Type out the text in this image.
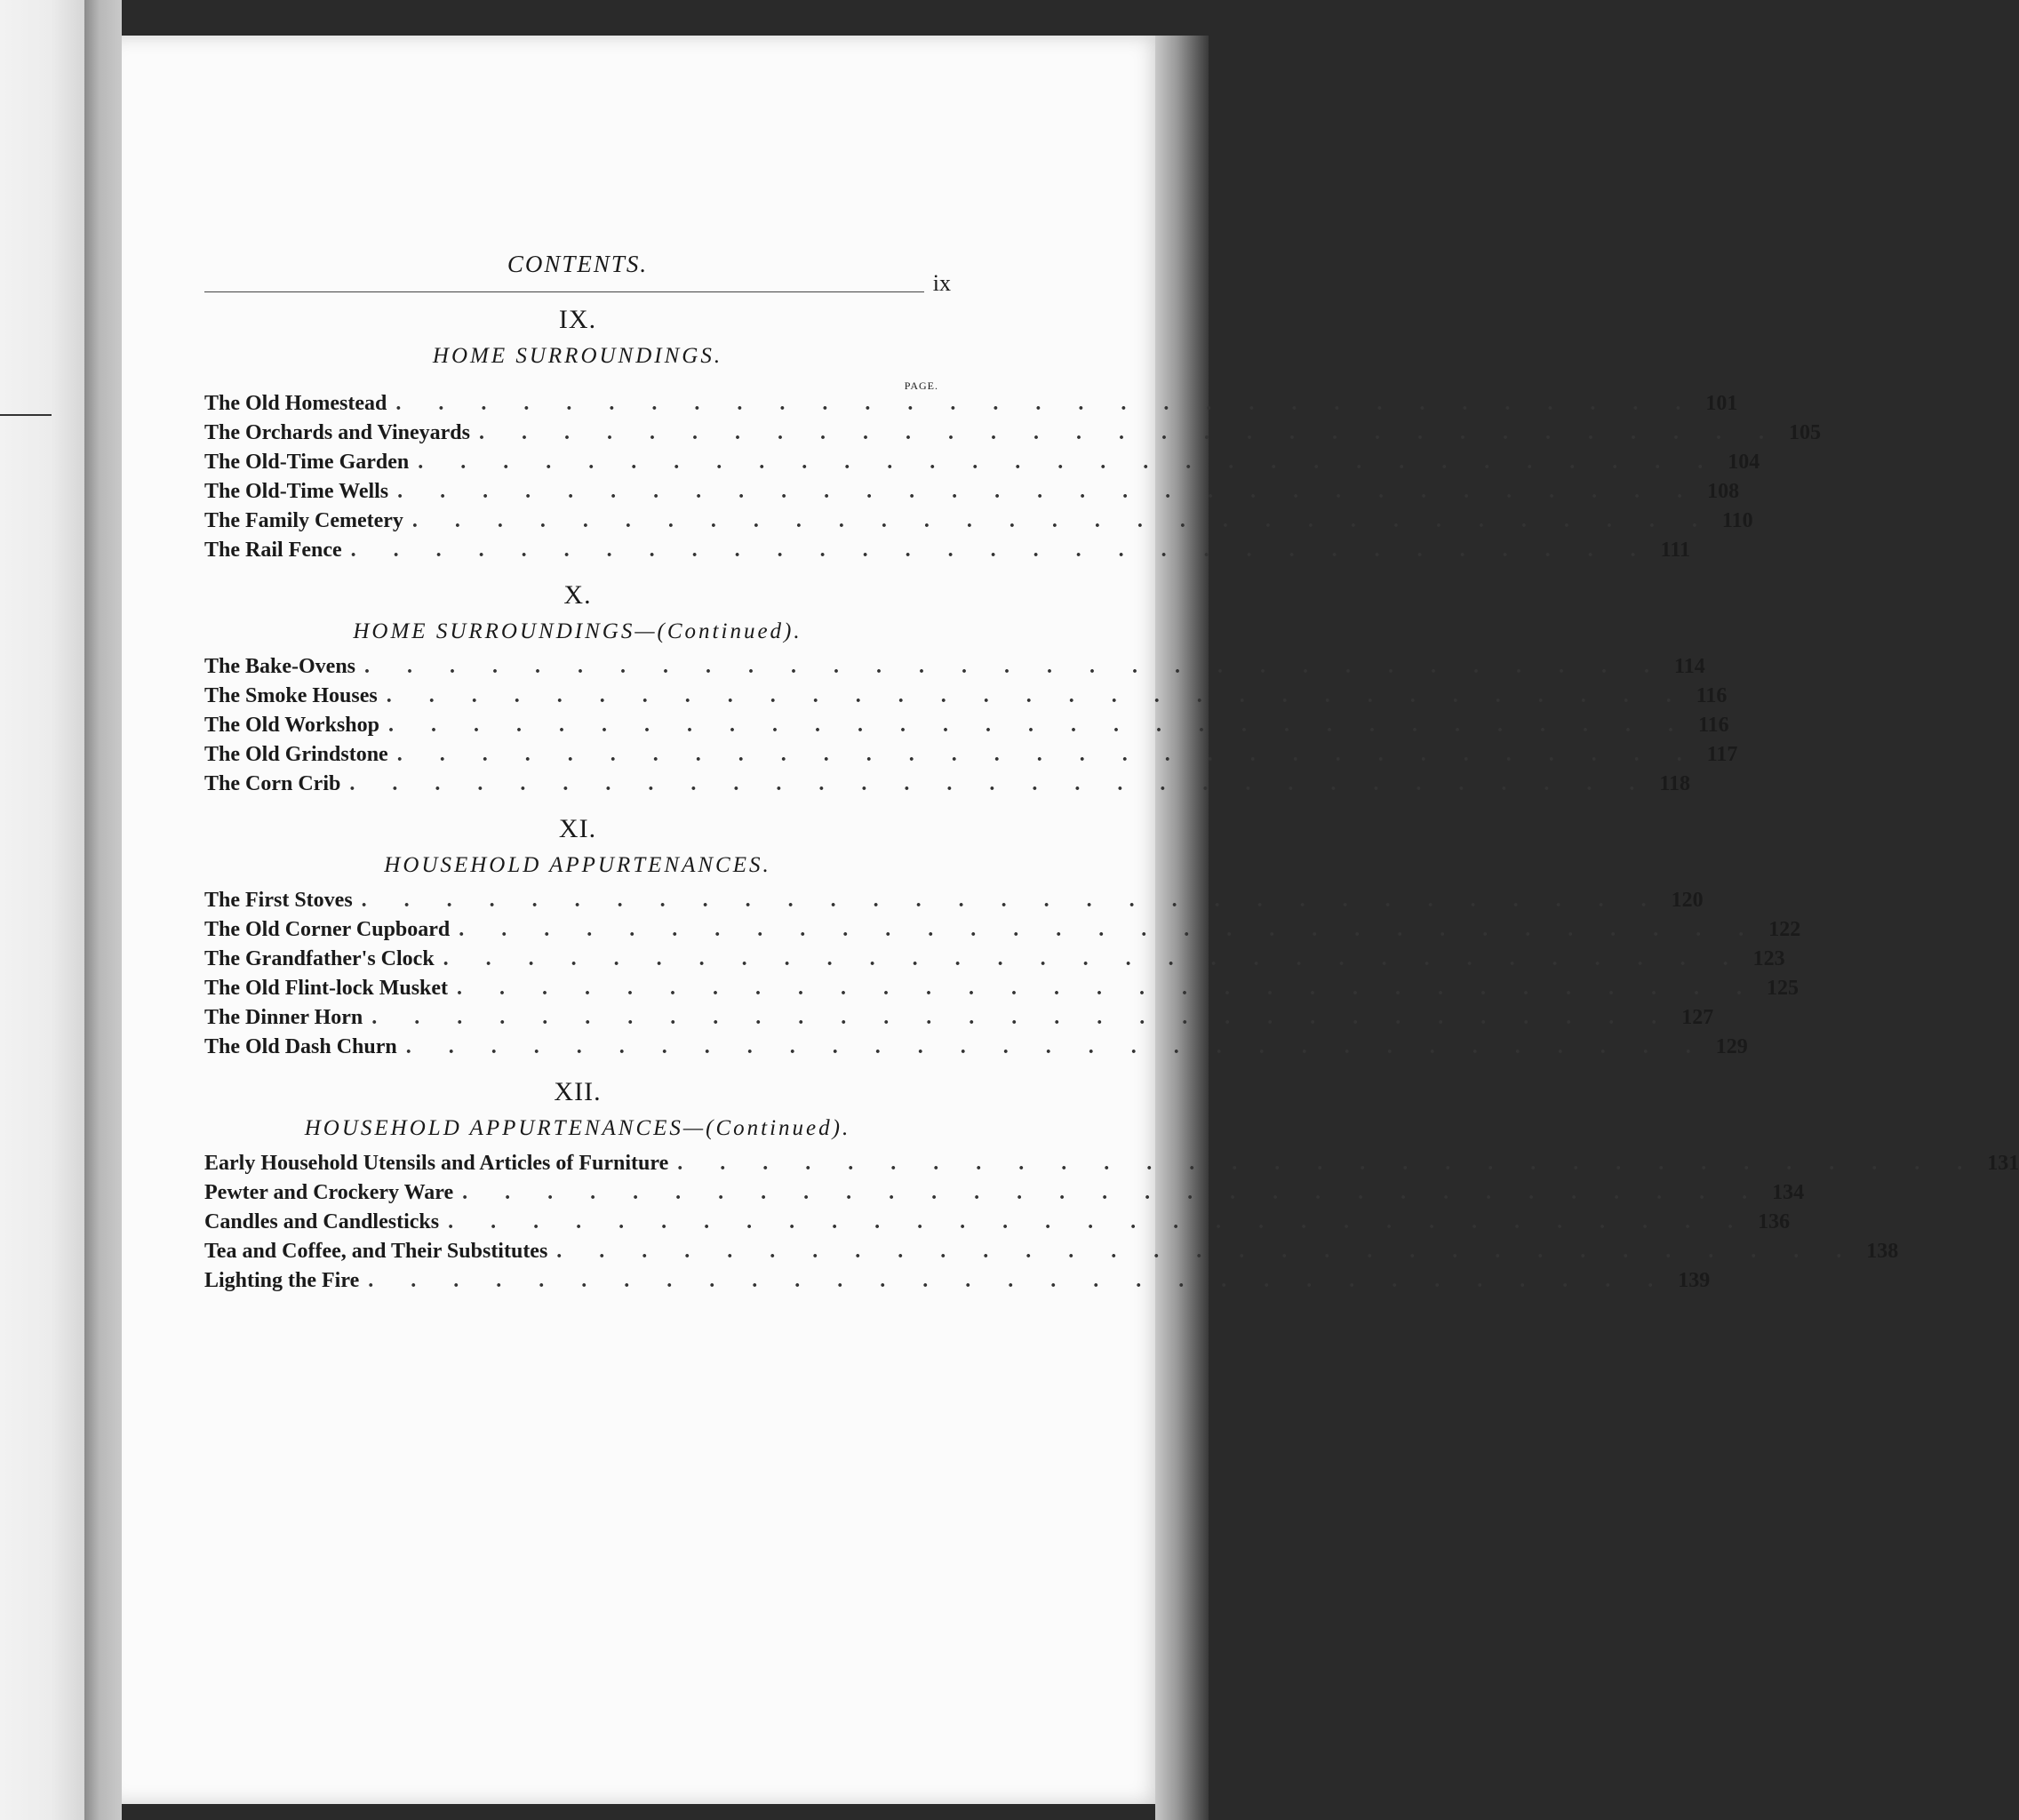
CONTENTS.
ix
IX.
HOME SURROUNDINGS.
PAGE.
The Old Homestead . . . . . . . . . . . . . . . . . . . . . . . . . . . . . . . 101
The Orchards and Vineyards . . . . . . . . . . . . . . . . . . . . . . . . . . . . . . . 105
The Old-Time Garden . . . . . . . . . . . . . . . . . . . . . . . . . . . . . . . 104
The Old-Time Wells . . . . . . . . . . . . . . . . . . . . . . . . . . . . . . . 108
The Family Cemetery . . . . . . . . . . . . . . . . . . . . . . . . . . . . . . . 110
The Rail Fence . . . . . . . . . . . . . . . . . . . . . . . . . . . . . . . 111
X.
HOME SURROUNDINGS—(Continued).
The Bake-Ovens . . . . . . . . . . . . . . . . . . . . . . . . . . . . . . . 114
The Smoke Houses . . . . . . . . . . . . . . . . . . . . . . . . . . . . . . . 116
The Old Workshop . . . . . . . . . . . . . . . . . . . . . . . . . . . . . . . 116
The Old Grindstone . . . . . . . . . . . . . . . . . . . . . . . . . . . . . . . 117
The Corn Crib . . . . . . . . . . . . . . . . . . . . . . . . . . . . . . . 118
XI.
HOUSEHOLD APPURTENANCES.
The First Stoves . . . . . . . . . . . . . . . . . . . . . . . . . . . . . . . 120
The Old Corner Cupboard . . . . . . . . . . . . . . . . . . . . . . . . . . . . . . . 122
The Grandfather's Clock . . . . . . . . . . . . . . . . . . . . . . . . . . . . . . . 123
The Old Flint-lock Musket . . . . . . . . . . . . . . . . . . . . . . . . . . . . . . . 125
The Dinner Horn . . . . . . . . . . . . . . . . . . . . . . . . . . . . . . . 127
The Old Dash Churn . . . . . . . . . . . . . . . . . . . . . . . . . . . . . . . 129
XII.
HOUSEHOLD APPURTENANCES—(Continued).
Early Household Utensils and Articles of Furniture . . . . . . . . . . . . . . . . . . . . . . . . . . . . . . . 131
Pewter and Crockery Ware . . . . . . . . . . . . . . . . . . . . . . . . . . . . . . . 134
Candles and Candlesticks . . . . . . . . . . . . . . . . . . . . . . . . . . . . . . . 136
Tea and Coffee, and Their Substitutes . . . . . . . . . . . . . . . . . . . . . . . . . . . . . . . 138
Lighting the Fire . . . . . . . . . . . . . . . . . . . . . . . . . . . . . . . 139
